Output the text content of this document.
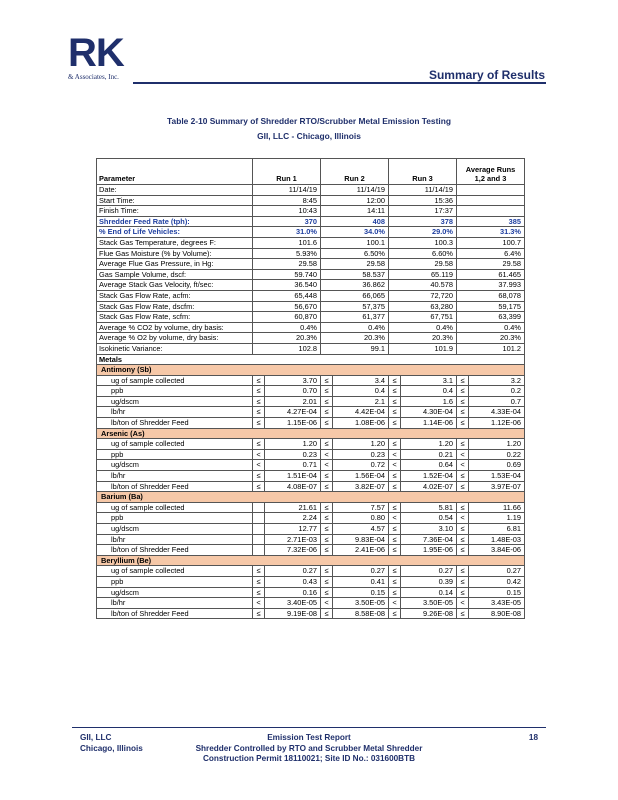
RK
& Associates, Inc.	Summary of Results
Table 2-10 Summary of Shredder RTO/Scrubber Metal Emission Testing
GII, LLC - Chicago, Illinois
Parameter	Run 1		Run 2		Run 3		Average Runs
1,2 and 3	
Date:	11/14/19		11/14/19		11/14/19			
Start Time:	8:45		12:00		15:36			
Finish Time:	10:43		14:11		17:37			
Shredder Feed Rate (tph):	370		408		378		385	
% End of Life Vehicles:	31.0%		34.0%		29.0%		31.3%	
Stack Gas Temperature, degrees F:	101.6		100.1		100.3		100.7	
Flue Gas Moisture (% by Volume):	5.93%		6.50%		6.60%		6.4%	
Average Flue Gas Pressure, in Hg:	29.58		29.58		29.58		29.58	
Gas Sample Volume, dscf:	59.740		58.537		65.119		61.465	
Average Stack Gas Velocity, ft/sec:	36.540		36.862		40.578		37.993	
Stack Gas Flow Rate, acfm:	65,448		66,065		72,720		68,078	
Stack Gas Flow Rate, dscfm:	56,670		57,375		63,280		59,175	
Stack Gas Flow Rate, scfm:	60,870		61,377		67,751		63,399	
Average % CO2 by volume, dry basis:	0.4%		0.4%		0.4%		0.4%	
Average % O2 by volume, dry basis:	20.3%		20.3%		20.3%		20.3%	
Isokinetic Variance:	102.8		99.1		101.9		101.2	
Metals								
Antimony (Sb)								
ug of sample collected	≤	3.70	≤	3.4	≤	3.1	≤	3.2
ppb	≤	0.70	≤	0.4	≤	0.4	≤	0.2
ug/dscm	≤	2.01	≤	2.1	≤	1.6	≤	0.7
lb/hr	≤	4.27E-04	≤	4.42E-04	≤	4.30E-04	≤	4.33E-04
lb/ton of Shredder Feed	≤	1.15E-06	≤	1.08E-06	≤	1.14E-06	≤	1.12E-06
Arsenic (As)								
ug of sample collected	≤	1.20	≤	1.20	≤	1.20	≤	1.20
ppb	<	0.23	<	0.23	<	0.21	<	0.22
ug/dscm	<	0.71	<	0.72	<	0.64	<	0.69
lb/hr	≤	1.51E-04	≤	1.56E-04	≤	1.52E-04	≤	1.53E-04
lb/ton of Shredder Feed	≤	4.08E-07	≤	3.82E-07	≤	4.02E-07	≤	3.97E-07
Barium (Ba)								
ug of sample collected		21.61	≤	7.57	≤	5.81	≤	11.66
ppb		2.24	≤	0.80	<	0.54	<	1.19
ug/dscm		12.77	≤	4.57	≤	3.10	≤	6.81
lb/hr		2.71E-03	≤	9.83E-04	≤	7.36E-04	≤	1.48E-03
lb/ton of Shredder Feed		7.32E-06	≤	2.41E-06	≤	1.95E-06	≤	3.84E-06
Beryllium (Be)								
ug of sample collected	≤	0.27	≤	0.27	≤	0.27	≤	0.27
ppb	≤	0.43	≤	0.41	≤	0.39	≤	0.42
ug/dscm	≤	0.16	≤	0.15	≤	0.14	≤	0.15
lb/hr	<	3.40E-05	<	3.50E-05	<	3.50E-05	<	3.43E-05
lb/ton of Shredder Feed	≤	9.19E-08	≤	8.58E-08	≤	9.26E-08	≤	8.90E-08
GII, LLC
Chicago, Illinois
Emission Test Report
Shredder Controlled by RTO and Scrubber Metal Shredder
Construction Permit 18110021; Site ID No.: 031600BTB
18
